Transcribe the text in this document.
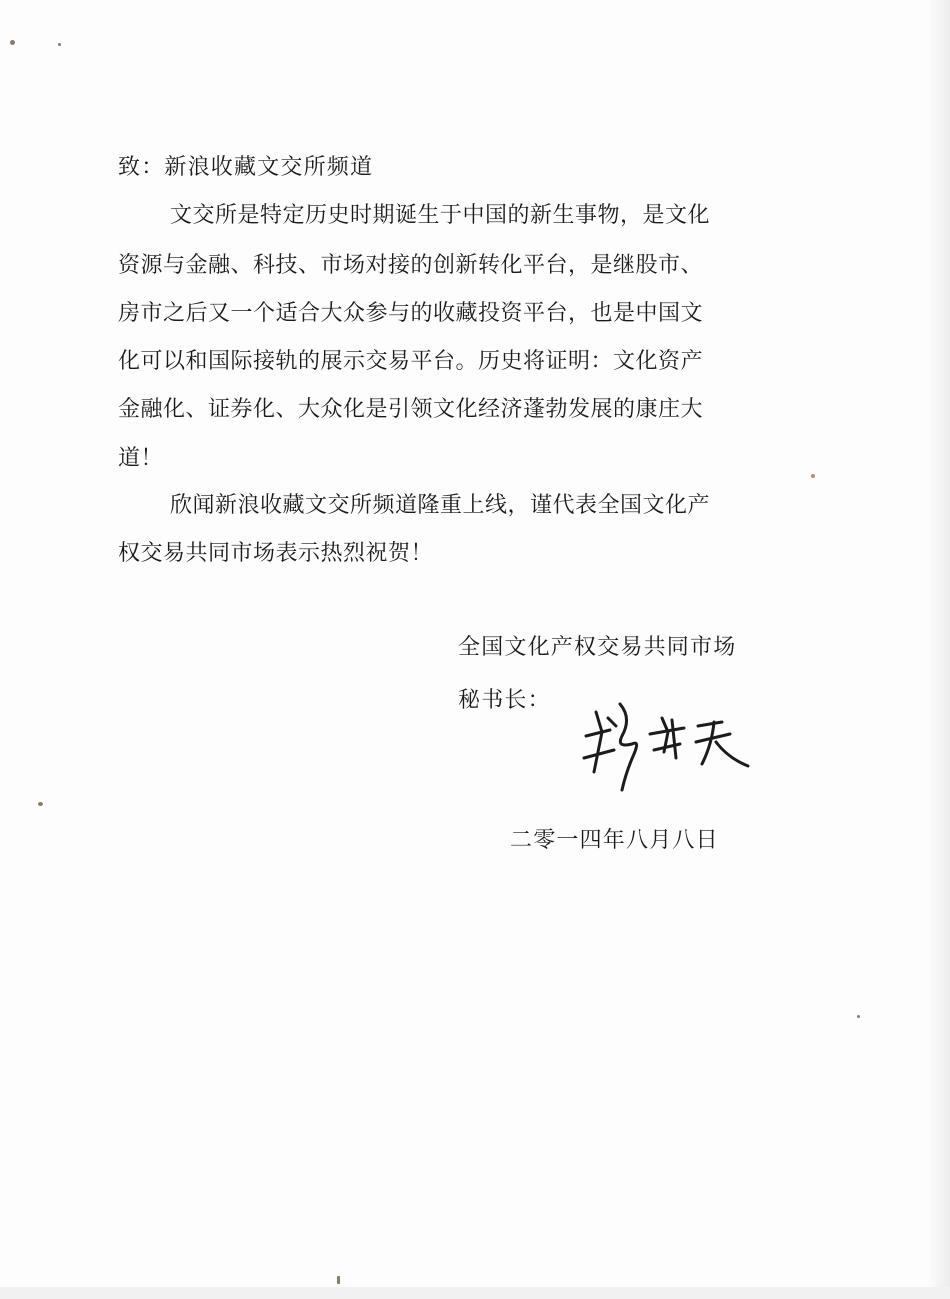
致：新浪收藏文交所频道
文交所是特定历史时期诞生于中国的新生事物，是文化
资源与金融、科技、市场对接的创新转化平台，是继股市、
房市之后又一个适合大众参与的收藏投资平台，也是中国文
化可以和国际接轨的展示交易平台。历史将证明：文化资产
金融化、证券化、大众化是引领文化经济蓬勃发展的康庄大
道！
欣闻新浪收藏文交所频道隆重上线，谨代表全国文化产
权交易共同市场表示热烈祝贺！
全国文化产权交易共同市场
秘书长：
二零一四年八月八日
